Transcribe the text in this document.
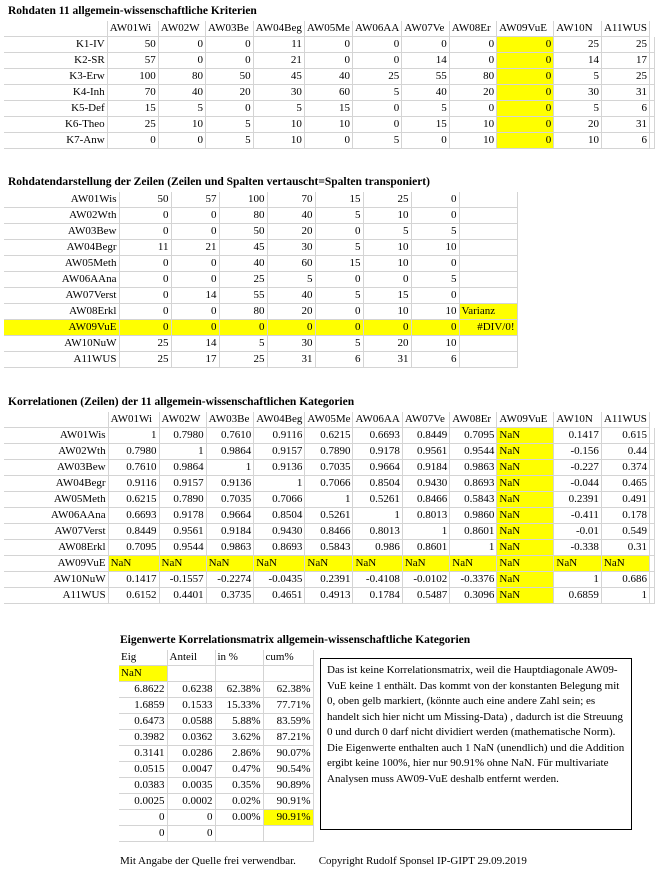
Rohdaten 11 allgemein-wissenschaftliche Kriterien
	AW01Wi	AW02W	AW03Be	AW04Beg	AW05Me	AW06AA	AW07Ve	AW08Er	AW09VuE	AW10N	A11WUS	
K1-IV	50	0	0	11	0	0	0	0	0	25	25	
K2-SR	57	0	0	21	0	0	14	0	0	14	17	
K3-Erw	100	80	50	45	40	25	55	80	0	5	25	
K4-Inh	70	40	20	30	60	5	40	20	0	30	31	
K5-Def	15	5	0	5	15	0	5	0	0	5	6	
K6-Theo	25	10	5	10	10	0	15	10	0	20	31	
K7-Anw	0	0	5	10	0	5	0	10	0	10	6	
Rohdatendarstellung der Zeilen (Zeilen und Spalten vertauscht=Spalten transponiert)
AW01Wis	50	57	100	70	15	25	0	
AW02Wth	0	0	80	40	5	10	0	
AW03Bew	0	0	50	20	0	5	5	
AW04Begr	11	21	45	30	5	10	10	
AW05Meth	0	0	40	60	15	10	0	
AW06AAna	0	0	25	5	0	0	5	
AW07Verst	0	14	55	40	5	15	0	
AW08Erkl	0	0	80	20	0	10	10	Varianz
AW09VuE	0	0	0	0	0	0	0	#DIV/0!
AW10NuW	25	14	5	30	5	20	10	
A11WUS	25	17	25	31	6	31	6	
Korrelationen (Zeilen) der 11 allgemein-wissenschaftlichen Kategorien
	AW01Wi	AW02W	AW03Be	AW04Beg	AW05Me	AW06AA	AW07Ve	AW08Er	AW09VuE	AW10N	A11WUS	
AW01Wis	1	0.7980	0.7610	0.9116	0.6215	0.6693	0.8449	0.7095	NaN	0.1417	0.615	
AW02Wth	0.7980	1	0.9864	0.9157	0.7890	0.9178	0.9561	0.9544	NaN	-0.156	0.44	
AW03Bew	0.7610	0.9864	1	0.9136	0.7035	0.9664	0.9184	0.9863	NaN	-0.227	0.374	
AW04Begr	0.9116	0.9157	0.9136	1	0.7066	0.8504	0.9430	0.8693	NaN	-0.044	0.465	
AW05Meth	0.6215	0.7890	0.7035	0.7066	1	0.5261	0.8466	0.5843	NaN	0.2391	0.491	
AW06AAna	0.6693	0.9178	0.9664	0.8504	0.5261	1	0.8013	0.9860	NaN	-0.411	0.178	
AW07Verst	0.8449	0.9561	0.9184	0.9430	0.8466	0.8013	1	0.8601	NaN	-0.01	0.549	
AW08Erkl	0.7095	0.9544	0.9863	0.8693	0.5843	0.986	0.8601	1	NaN	-0.338	0.31	
AW09VuE	NaN	NaN	NaN	NaN	NaN	NaN	NaN	NaN	NaN	NaN	NaN	
AW10NuW	0.1417	-0.1557	-0.2274	-0.0435	0.2391	-0.4108	-0.0102	-0.3376	NaN	1	0.686	
A11WUS	0.6152	0.4401	0.3735	0.4651	0.4913	0.1784	0.5487	0.3096	NaN	0.6859	1	
Eigenwerte Korrelationsmatrix allgemein-wissenschaftliche Kategorien
Eig	Anteil	in %	cum%
NaN			
6.8622	0.6238	62.38%	62.38%
1.6859	0.1533	15.33%	77.71%
0.6473	0.0588	5.88%	83.59%
0.3982	0.0362	3.62%	87.21%
0.3141	0.0286	2.86%	90.07%
0.0515	0.0047	0.47%	90.54%
0.0383	0.0035	0.35%	90.89%
0.0025	0.0002	0.02%	90.91%
0	0	0.00%	90.91%
0	0		
Das ist keine Korrelationsmatrix, weil die Hauptdiagonale AW09-VuE keine 1 enthält. Das kommt von der konstanten Belegung mit 0, oben gelb markiert, (könnte auch eine andere Zahl sein; es handelt sich hier nicht um Missing-Data) , dadurch ist die Streuung 0 und durch 0 darf nicht dividiert werden (mathematische Norm). Die Eigenwerte enthalten auch 1 NaN (unendlich) und die Addition ergibt keine 100%, hier nur 90.91% ohne NaN. Für multivariate Analysen muss AW09-VuE deshalb entfernt werden.
Mit Angabe der Quelle frei verwendbar. Copyright Rudolf Sponsel IP-GIPT 29.09.2019
